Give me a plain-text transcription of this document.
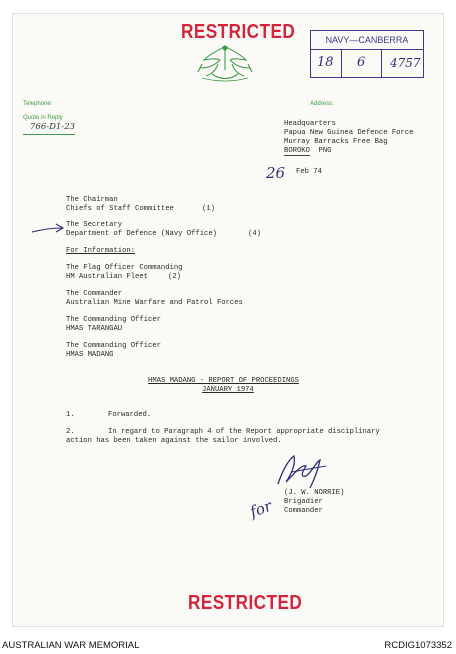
RESTRICTED	NAVY—CANBERRA
18 6 4757
Telephone:
Quote in Reply
766-D1-23
Address:
Headquarters
Papua New Guinea Defence Force
Murray Barracks Free Bag
BOROKO  PNG
26 Feb 74
The Chairman
Chiefs of Staff Committee	(1)
The Secretary
Department of Defence (Navy Office)	(4)
For Information:
The Flag Officer Commanding
HM Australian Fleet	(2)
The Commander
Australian Mine Warfare and Patrol Forces
The Commanding Officer
HMAS TARANGAU
The Commanding Officer
HMAS MADANG
HMAS MADANG - REPORT OF PROCEEDINGS
JANUARY 1974
1.	Forwarded.
2.	In regard to Paragraph 4 of the Report appropriate disciplinary
action has been taken against the sailor involved.
for
(J. W. NORRIE)
Brigadier
Commander
RESTRICTED
AUSTRALIAN WAR MEMORIAL	RCDIG1073352
